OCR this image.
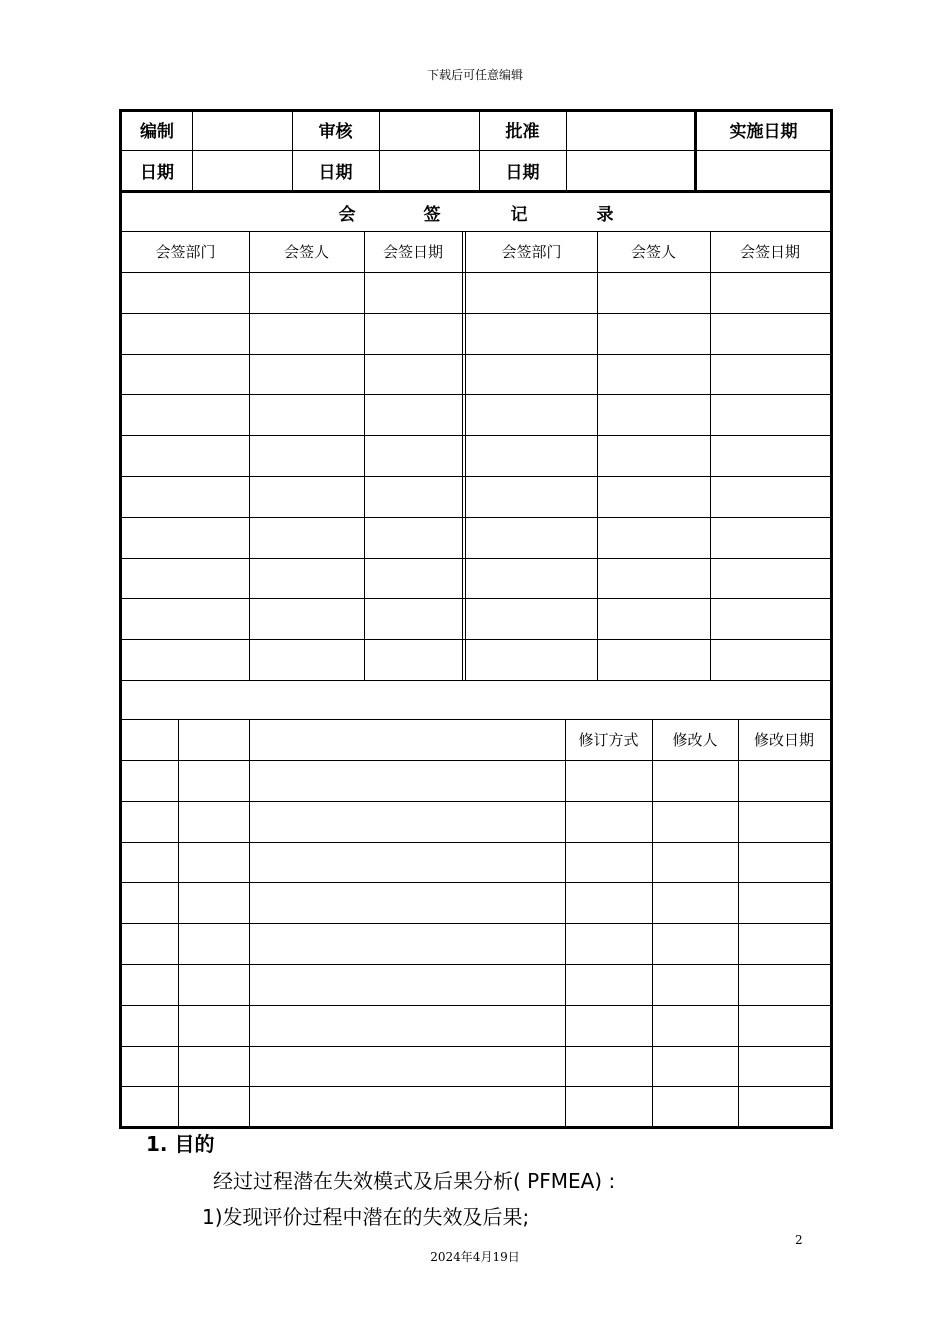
下载后可任意编辑
编制	审核	批准	实施日期
日期	日期	日期
会	签	记	录
会签部门	会签人	会签日期	会签部门	会签人	会签日期
修订方式	修改人	修改日期
1. 目的
经过过程潜在失效模式及后果分析( PFMEA) :
1)发现评价过程中潜在的失效及后果;
2
2024年4月19日
